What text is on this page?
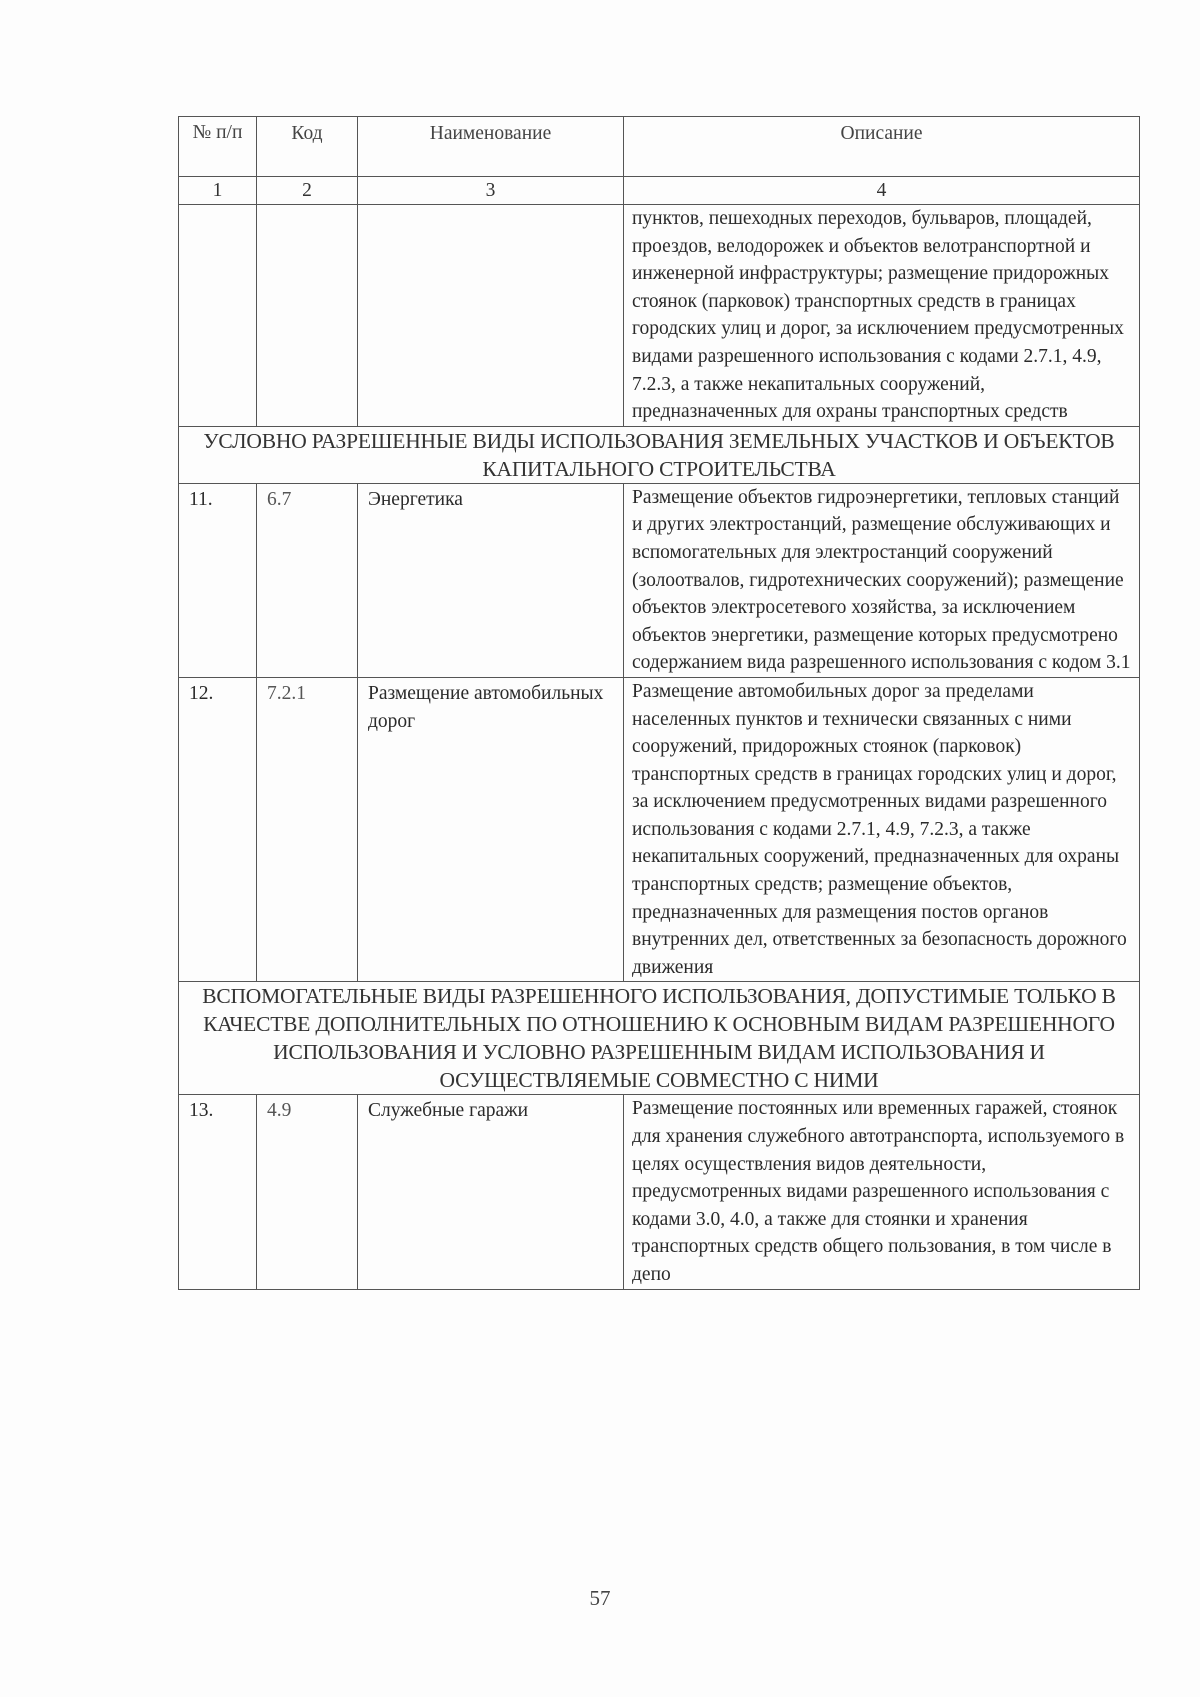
№ п/п	Код	Наименование	Описание
1	2	3	4
			пунктов, пешеходных переходов, бульваров, площадей, проездов, велодорожек и объектов велотранспортной и инженерной инфраструктуры; размещение придорожных стоянок (парковок) транспортных средств в границах городских улиц и дорог, за исключением предусмотренных видами разрешенного использования с кодами 2.7.1, 4.9, 7.2.3, а также некапитальных сооружений, предназначенных для охраны транспортных средств
УСЛОВНО РАЗРЕШЕННЫЕ ВИДЫ ИСПОЛЬЗОВАНИЯ ЗЕМЕЛЬНЫХ УЧАСТКОВ И ОБЪЕКТОВ КАПИТАЛЬНОГО СТРОИТЕЛЬСТВА			
11.	6.7	Энергетика	Размещение объектов гидроэнергетики, тепловых станций и других электростанций, размещение обслуживающих и вспомогательных для электростанций сооружений (золоотвалов, гидротехнических сооружений); размещение объектов электросетевого хозяйства, за исключением объектов энергетики, размещение которых предусмотрено содержанием вида разрешенного использования с кодом 3.1
12.	7.2.1	Размещение автомобильных дорог	Размещение автомобильных дорог за пределами населенных пунктов и технически связанных с ними сооружений, придорожных стоянок (парковок) транспортных средств в границах городских улиц и дорог, за исключением предусмотренных видами разрешенного использования с кодами 2.7.1, 4.9, 7.2.3, а также некапитальных сооружений, предназначенных для охраны транспортных средств; размещение объектов, предназначенных для размещения постов органов внутренних дел, ответственных за безопасность дорожного движения
ВСПОМОГАТЕЛЬНЫЕ ВИДЫ РАЗРЕШЕННОГО ИСПОЛЬЗОВАНИЯ, ДОПУСТИМЫЕ ТОЛЬКО В КАЧЕСТВЕ ДОПОЛНИТЕЛЬНЫХ ПО ОТНОШЕНИЮ К ОСНОВНЫМ ВИДАМ РАЗРЕШЕННОГО ИСПОЛЬЗОВАНИЯ И УСЛОВНО РАЗРЕШЕННЫМ ВИДАМ ИСПОЛЬЗОВАНИЯ И ОСУЩЕСТВЛЯЕМЫЕ СОВМЕСТНО С НИМИ			
13.	4.9	Служебные гаражи	Размещение постоянных или временных гаражей, стоянок для хранения служебного автотранспорта, используемого в целях осуществления видов деятельности, предусмотренных видами разрешенного использования с кодами 3.0, 4.0, а также для стоянки и хранения транспортных средств общего пользования, в том числе в депо
57
